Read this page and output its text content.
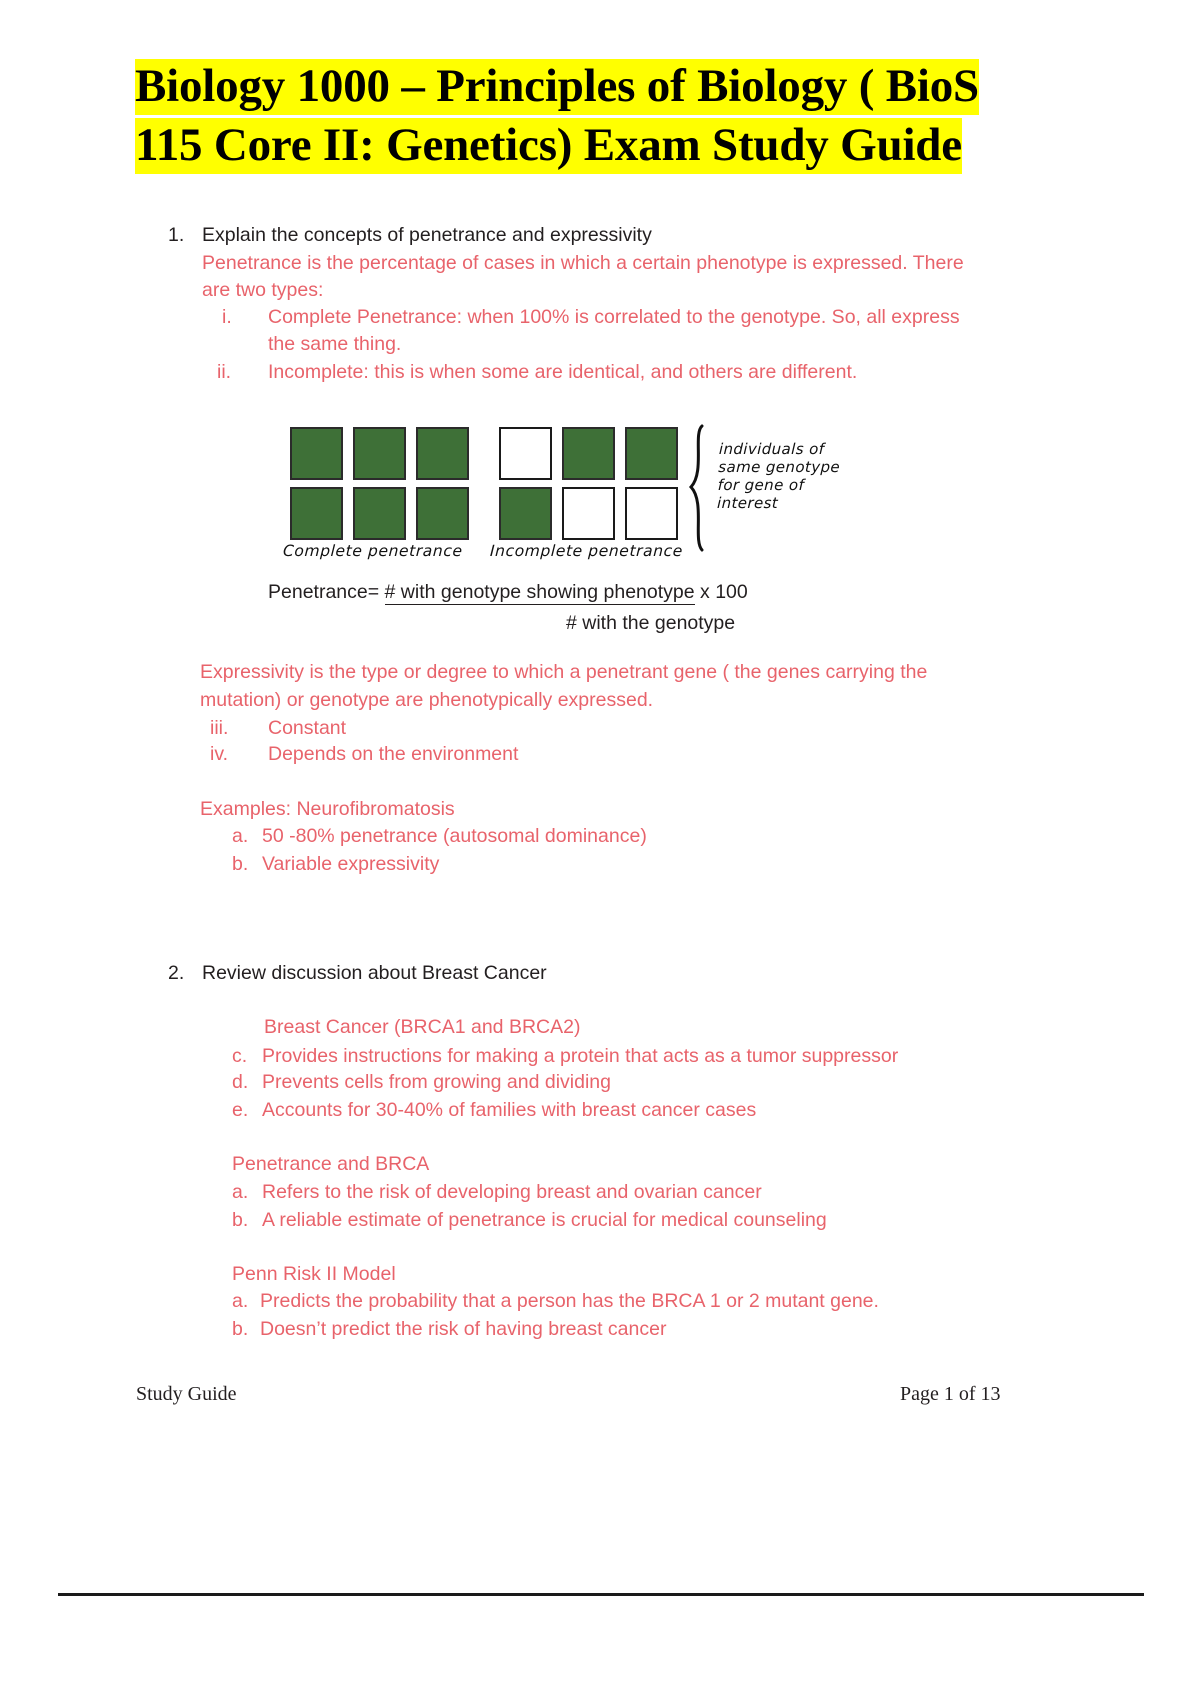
Biology 1000 – Principles of Biology ( BioS
115 Core II: Genetics) Exam Study Guide
1. Explain the concepts of penetrance and expressivity
Penetrance is the percentage of cases in which a certain phenotype is expressed. There
are two types:
i. Complete Penetrance: when 100% is correlated to the genotype. So, all express
the same thing.
ii. Incomplete: this is when some are identical, and others are different.
individuals of
same genotype
for gene of
interest
Complete penetrance Incomplete penetrance
Penetrance= # with genotype showing phenotype x 100
# with the genotype
Expressivity is the type or degree to which a penetrant gene ( the genes carrying the
mutation) or genotype are phenotypically expressed.
iii. Constant
iv. Depends on the environment
Examples: Neurofibromatosis
a. 50 -80% penetrance (autosomal dominance)
b. Variable expressivity
2. Review discussion about Breast Cancer
Breast Cancer (BRCA1 and BRCA2)
c. Provides instructions for making a protein that acts as a tumor suppressor
d. Prevents cells from growing and dividing
e. Accounts for 30-40% of families with breast cancer cases
Penetrance and BRCA
a. Refers to the risk of developing breast and ovarian cancer
b. A reliable estimate of penetrance is crucial for medical counseling
Penn Risk II Model
a. Predicts the probability that a person has the BRCA 1 or 2 mutant gene.
b. Doesn’t predict the risk of having breast cancer
Study Guide	Page 1 of 13
